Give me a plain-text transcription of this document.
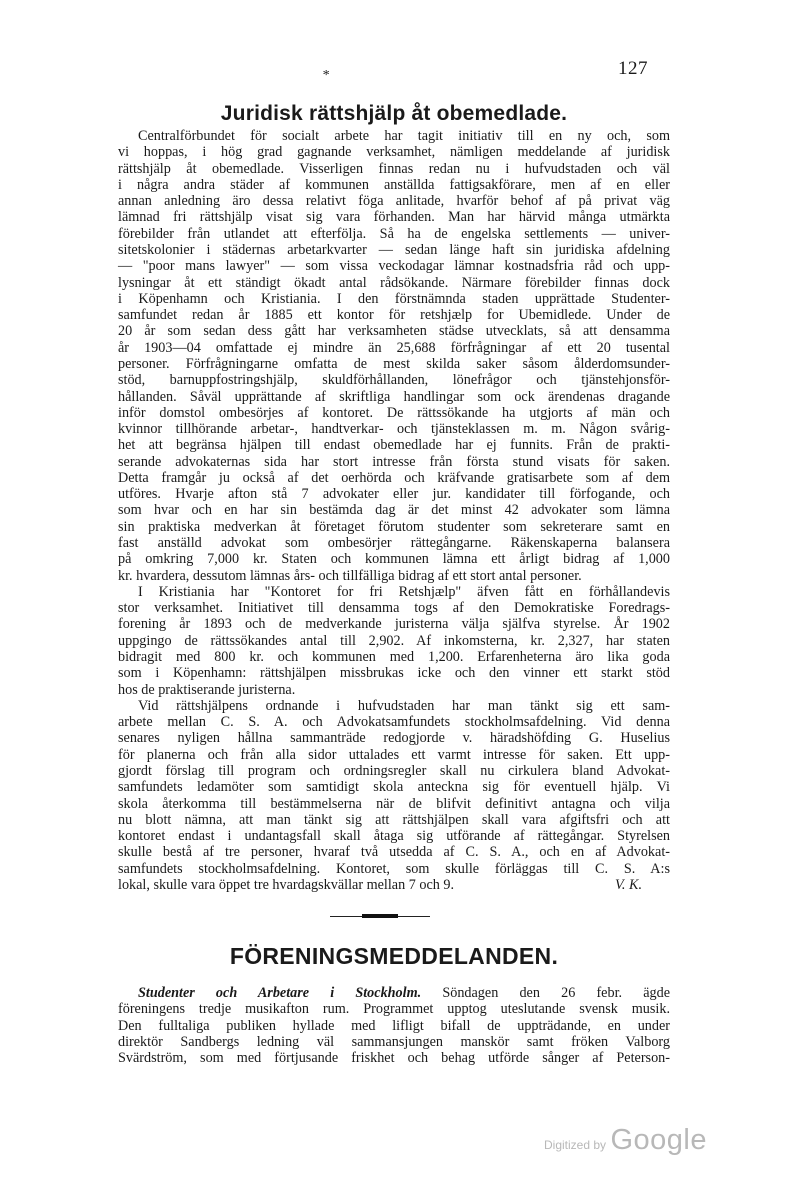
127
*
Juridisk rättshjälp åt obemedlade.
Centralförbundet för socialt arbete har tagit initiativ till en ny och, som
vi hoppas, i hög grad gagnande verksamhet, nämligen meddelande af juridisk
rättshjälp åt obemedlade. Visserligen finnas redan nu i hufvudstaden och väl
i några andra städer af kommunen anställda fattigsakförare, men af en eller
annan anledning äro dessa relativt föga anlitade, hvarför behof af på privat väg
lämnad fri rättshjälp visat sig vara förhanden. Man har härvid många utmärkta
förebilder från utlandet att efterfölja. Så ha de engelska settlements — univer-
sitetskolonier i städernas arbetarkvarter — sedan länge haft sin juridiska afdelning
— "poor mans lawyer" — som vissa veckodagar lämnar kostnadsfria råd och upp-
lysningar åt ett ständigt ökadt antal rådsökande. Närmare förebilder finnas dock
i Köpenhamn och Kristiania. I den förstnämnda staden upprättade Studenter-
samfundet redan år 1885 ett kontor för retshjælp for Ubemidlede. Under de
20 år som sedan dess gått har verksamheten städse utvecklats, så att densamma
år 1903—04 omfattade ej mindre än 25,688 förfrågningar af ett 20 tusental
personer. Förfrågningarne omfatta de mest skilda saker såsom ålderdomsunder-
stöd, barnuppfostringshjälp, skuldförhållanden, lönefrågor och tjänstehjonsför-
hållanden. Såväl upprättande af skriftliga handlingar som ock ärendenas dragande
inför domstol ombesörjes af kontoret. De rättssökande ha utgjorts af män och
kvinnor tillhörande arbetar-, handtverkar- och tjänsteklassen m. m. Någon svårig-
het att begränsa hjälpen till endast obemedlade har ej funnits. Från de prakti-
serande advokaternas sida har stort intresse från första stund visats för saken.
Detta framgår ju också af det oerhörda och kräfvande gratisarbete som af dem
utföres. Hvarje afton stå 7 advokater eller jur. kandidater till förfogande, och
som hvar och en har sin bestämda dag är det minst 42 advokater som lämna
sin praktiska medverkan åt företaget förutom studenter som sekreterare samt en
fast anställd advokat som ombesörjer rättegångarne. Räkenskaperna balansera
på omkring 7,000 kr. Staten och kommunen lämna ett årligt bidrag af 1,000
kr. hvardera, dessutom lämnas års- och tillfälliga bidrag af ett stort antal personer.
I Kristiania har "Kontoret for fri Retshjælp" äfven fått en förhållandevis
stor verksamhet. Initiativet till densamma togs af den Demokratiske Foredrags-
forening år 1893 och de medverkande juristerna välja själfva styrelse. År 1902
uppgingo de rättssökandes antal till 2,902. Af inkomsterna, kr. 2,327, har staten
bidragit med 800 kr. och kommunen med 1,200. Erfarenheterna äro lika goda
som i Köpenhamn: rättshjälpen missbrukas icke och den vinner ett starkt stöd
hos de praktiserande juristerna.
Vid rättshjälpens ordnande i hufvudstaden har man tänkt sig ett sam-
arbete mellan C. S. A. och Advokatsamfundets stockholmsafdelning. Vid denna
senares nyligen hållna sammanträde redogjorde v. häradshöfding G. Huselius
för planerna och från alla sidor uttalades ett varmt intresse för saken. Ett upp-
gjordt förslag till program och ordningsregler skall nu cirkulera bland Advokat-
samfundets ledamöter som samtidigt skola anteckna sig för eventuell hjälp. Vi
skola återkomma till bestämmelserna när de blifvit definitivt antagna och vilja
nu blott nämna, att man tänkt sig att rättshjälpen skall vara afgiftsfri och att
kontoret endast i undantagsfall skall åtaga sig utförande af rättegångar. Styrelsen
skulle bestå af tre personer, hvaraf två utsedda af C. S. A., och en af Advokat-
samfundets stockholmsafdelning. Kontoret, som skulle förläggas till C. S. A:s
lokal, skulle vara öppet tre hvardagskvällar mellan 7 och 9.	V. K.
FÖRENINGSMEDDELANDEN.
Studenter och Arbetare i Stockholm. Söndagen den 26 febr. ägde
föreningens tredje musikafton rum. Programmet upptog uteslutande svensk musik.
Den fulltaliga publiken hyllade med lifligt bifall de uppträdande, en under
direktör Sandbergs ledning väl sammansjungen manskör samt fröken Valborg
Svärdström, som med förtjusande friskhet och behag utförde sånger af Peterson-
Digitized by Google
